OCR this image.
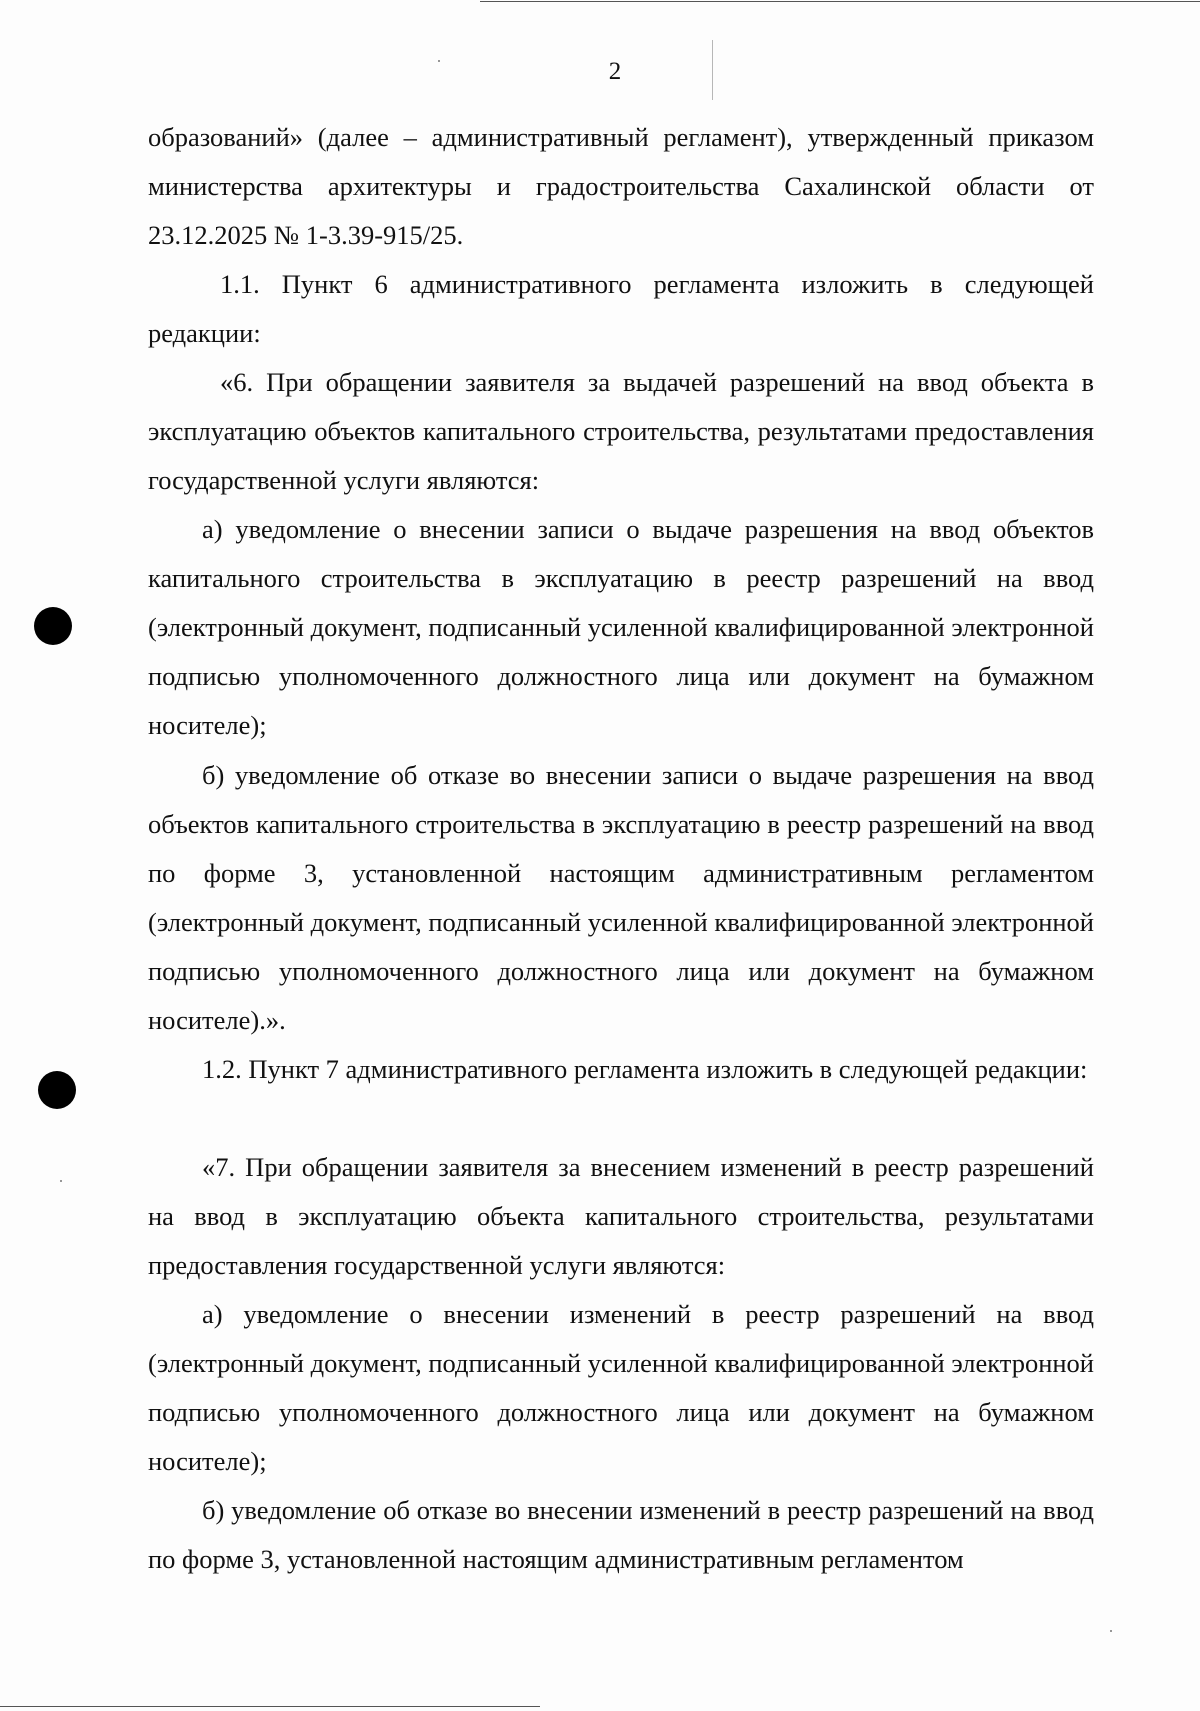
2

образований» (далее – административный регламент), утвержденный приказом министерства архитектуры и градостроительства Сахалинской области от 23.12.2025 № 1-3.39-915/25.

1.1. Пункт 6 административного регламента изложить в следующей редакции:

«6. При обращении заявителя за выдачей разрешений на ввод объекта в эксплуатацию объектов капитального строительства, результатами предоставления государственной услуги являются:

а) уведомление о внесении записи о выдаче разрешения на ввод объектов капитального строительства в эксплуатацию в реестр разрешений на ввод (электронный документ, подписанный усиленной квалифицированной электронной подписью уполномоченного должностного лица или документ на бумажном носителе);

б) уведомление об отказе во внесении записи о выдаче разрешения на ввод объектов капитального строительства в эксплуатацию в реестр разрешений на ввод по форме 3, установленной настоящим административным регламентом (электронный документ, подписанный усиленной квалифицированной электронной подписью уполномоченного должностного лица или документ на бумажном носителе).».

1.2. Пункт 7 административного регламента изложить в следующей редакции:

«7. При обращении заявителя за внесением изменений в реестр разрешений на ввод в эксплуатацию объекта капитального строительства, результатами предоставления государственной услуги являются:

а) уведомление о внесении изменений в реестр разрешений на ввод (электронный документ, подписанный усиленной квалифицированной электронной подписью уполномоченного должностного лица или документ на бумажном носителе);

б) уведомление об отказе во внесении изменений в реестр разрешений на ввод по форме 3, установленной настоящим административным регламентом
